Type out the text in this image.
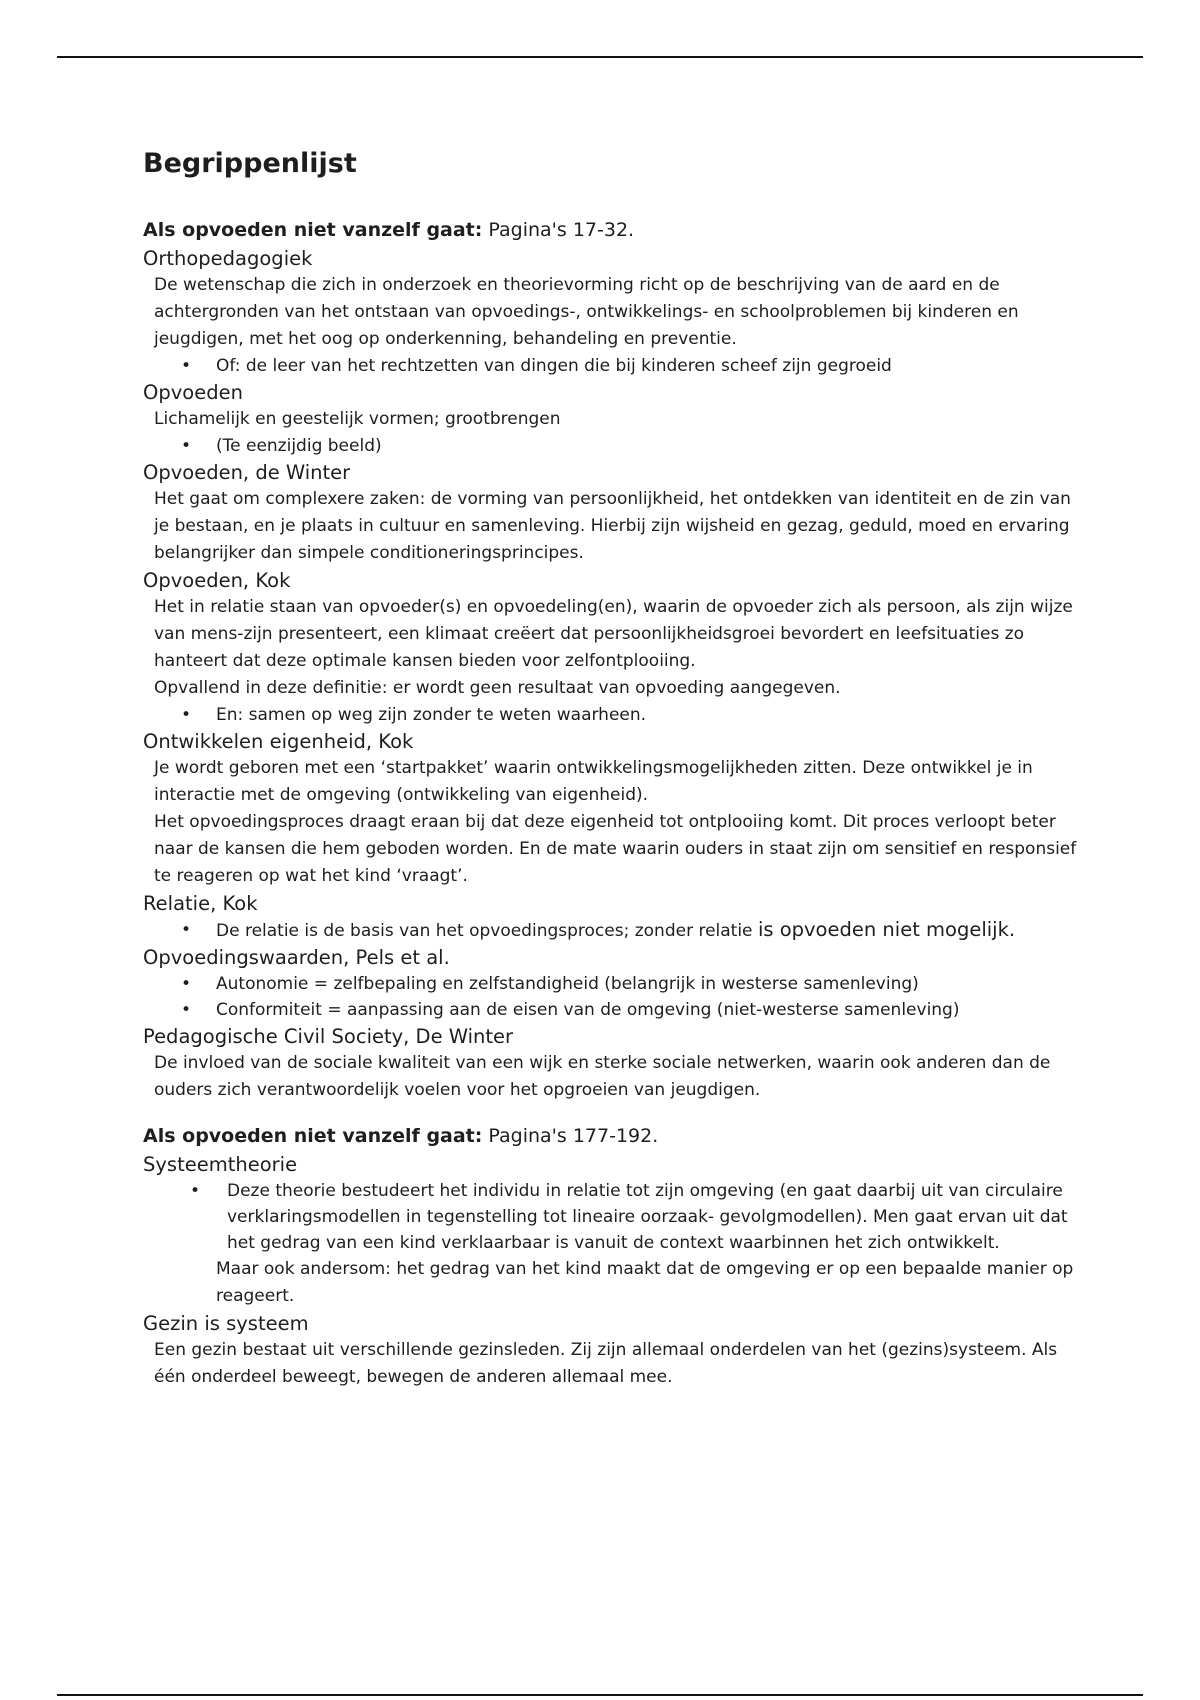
Begrippenlijst
Als opvoeden niet vanzelf gaat: Pagina's 17-32.
Orthopedagogiek
De wetenschap die zich in onderzoek en theorievorming richt op de beschrijving van de aard en de achtergronden van het ontstaan van opvoedings-, ontwikkelings- en schoolproblemen bij kinderen en jeugdigen, met het oog op onderkenning, behandeling en preventie.
• Of: de leer van het rechtzetten van dingen die bij kinderen scheef zijn gegroeid
Opvoeden
Lichamelijk en geestelijk vormen; grootbrengen
• (Te eenzijdig beeld)
Opvoeden, de Winter
Het gaat om complexere zaken: de vorming van persoonlijkheid, het ontdekken van identiteit en de zin van je bestaan, en je plaats in cultuur en samenleving. Hierbij zijn wijsheid en gezag, geduld, moed en ervaring belangrijker dan simpele conditioneringsprincipes.
Opvoeden, Kok
Het in relatie staan van opvoeder(s) en opvoedeling(en), waarin de opvoeder zich als persoon, als zijn wijze van mens-zijn presenteert, een klimaat creëert dat persoonlijkheidsgroei bevordert en leefsituaties zo hanteert dat deze optimale kansen bieden voor zelfontplooiing.
Opvallend in deze definitie: er wordt geen resultaat van opvoeding aangegeven.
• En: samen op weg zijn zonder te weten waarheen.
Ontwikkelen eigenheid, Kok
Je wordt geboren met een ‘startpakket’ waarin ontwikkelingsmogelijkheden zitten. Deze ontwikkel je in interactie met de omgeving (ontwikkeling van eigenheid).
Het opvoedingsproces draagt eraan bij dat deze eigenheid tot ontplooiing komt. Dit proces verloopt beter naar de kansen die hem geboden worden. En de mate waarin ouders in staat zijn om sensitief en responsief te reageren op wat het kind ‘vraagt’.
Relatie, Kok
• De relatie is de basis van het opvoedingsproces; zonder relatie is opvoeden niet mogelijk.
Opvoedingswaarden, Pels et al.
• Autonomie = zelfbepaling en zelfstandigheid (belangrijk in westerse samenleving)
• Conformiteit = aanpassing aan de eisen van de omgeving (niet-westerse samenleving)
Pedagogische Civil Society, De Winter
De invloed van de sociale kwaliteit van een wijk en sterke sociale netwerken, waarin ook anderen dan de ouders zich verantwoordelijk voelen voor het opgroeien van jeugdigen.
Als opvoeden niet vanzelf gaat: Pagina's 177-192.
Systeemtheorie
• Deze theorie bestudeert het individu in relatie tot zijn omgeving (en gaat daarbij uit van circulaire verklaringsmodellen in tegenstelling tot lineaire oorzaak- gevolgmodellen). Men gaat ervan uit dat het gedrag van een kind verklaarbaar is vanuit de context waarbinnen het zich ontwikkelt.
Maar ook andersom: het gedrag van het kind maakt dat de omgeving er op een bepaalde manier op reageert.
Gezin is systeem
Een gezin bestaat uit verschillende gezinsleden. Zij zijn allemaal onderdelen van het (gezins)systeem. Als één onderdeel beweegt, bewegen de anderen allemaal mee.
